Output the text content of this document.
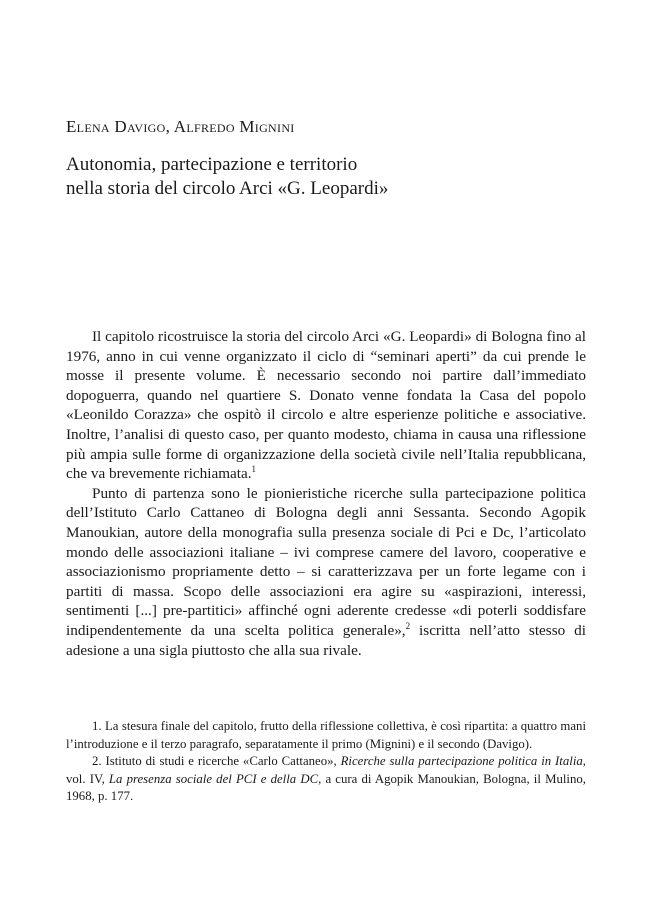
Elena Davigo, Alfredo Mignini
Autonomia, partecipazione e territorio
nella storia del circolo Arci «G. Leopardi»

Il capitolo ricostruisce la storia del circolo Arci «G. Leopardi» di Bologna fino al 1976, anno in cui venne organizzato il ciclo di “seminari aperti” da cui prende le mosse il presente volume. È necessario secondo noi partire dall’immediato dopoguerra, quando nel quartiere S. Donato venne fondata la Casa del popolo «Leonildo Corazza» che ospitò il circolo e altre esperienze politiche e associative. Inoltre, l’analisi di questo caso, per quanto modesto, chiama in causa una riflessione più ampia sulle forme di organizzazione della società civile nell’Italia repubblicana, che va brevemente richiamata.$^1$

Punto di partenza sono le pionieristiche ricerche sulla partecipazione politica dell’Istituto Carlo Cattaneo di Bologna degli anni Sessanta. Secondo Agopik Manoukian, autore della monografia sulla presenza sociale di Pci e Dc, l’articolato mondo delle associazioni italiane – ivi comprese camere del lavoro, cooperative e associazionismo propriamente detto – si caratterizzava per un forte legame con i partiti di massa. Scopo delle associazioni era agire su «aspirazioni, interessi, sentimenti [...] pre-partitici» affinché ogni aderente credesse «di poterli soddisfare indipendentemente da una scelta politica generale»,$^2$ iscritta nell’atto stesso di adesione a una sigla piuttosto che alla sua rivale.

1. La stesura finale del capitolo, frutto della riflessione collettiva, è così ripartita: a quattro mani l’introduzione e il terzo paragrafo, separatamente il primo (Mignini) e il secondo (Davigo).

2. Istituto di studi e ricerche «Carlo Cattaneo», Ricerche sulla partecipazione politica in Italia, vol. IV, La presenza sociale del PCI e della DC, a cura di Agopik Manoukian, Bologna, il Mulino, 1968, p. 177.
